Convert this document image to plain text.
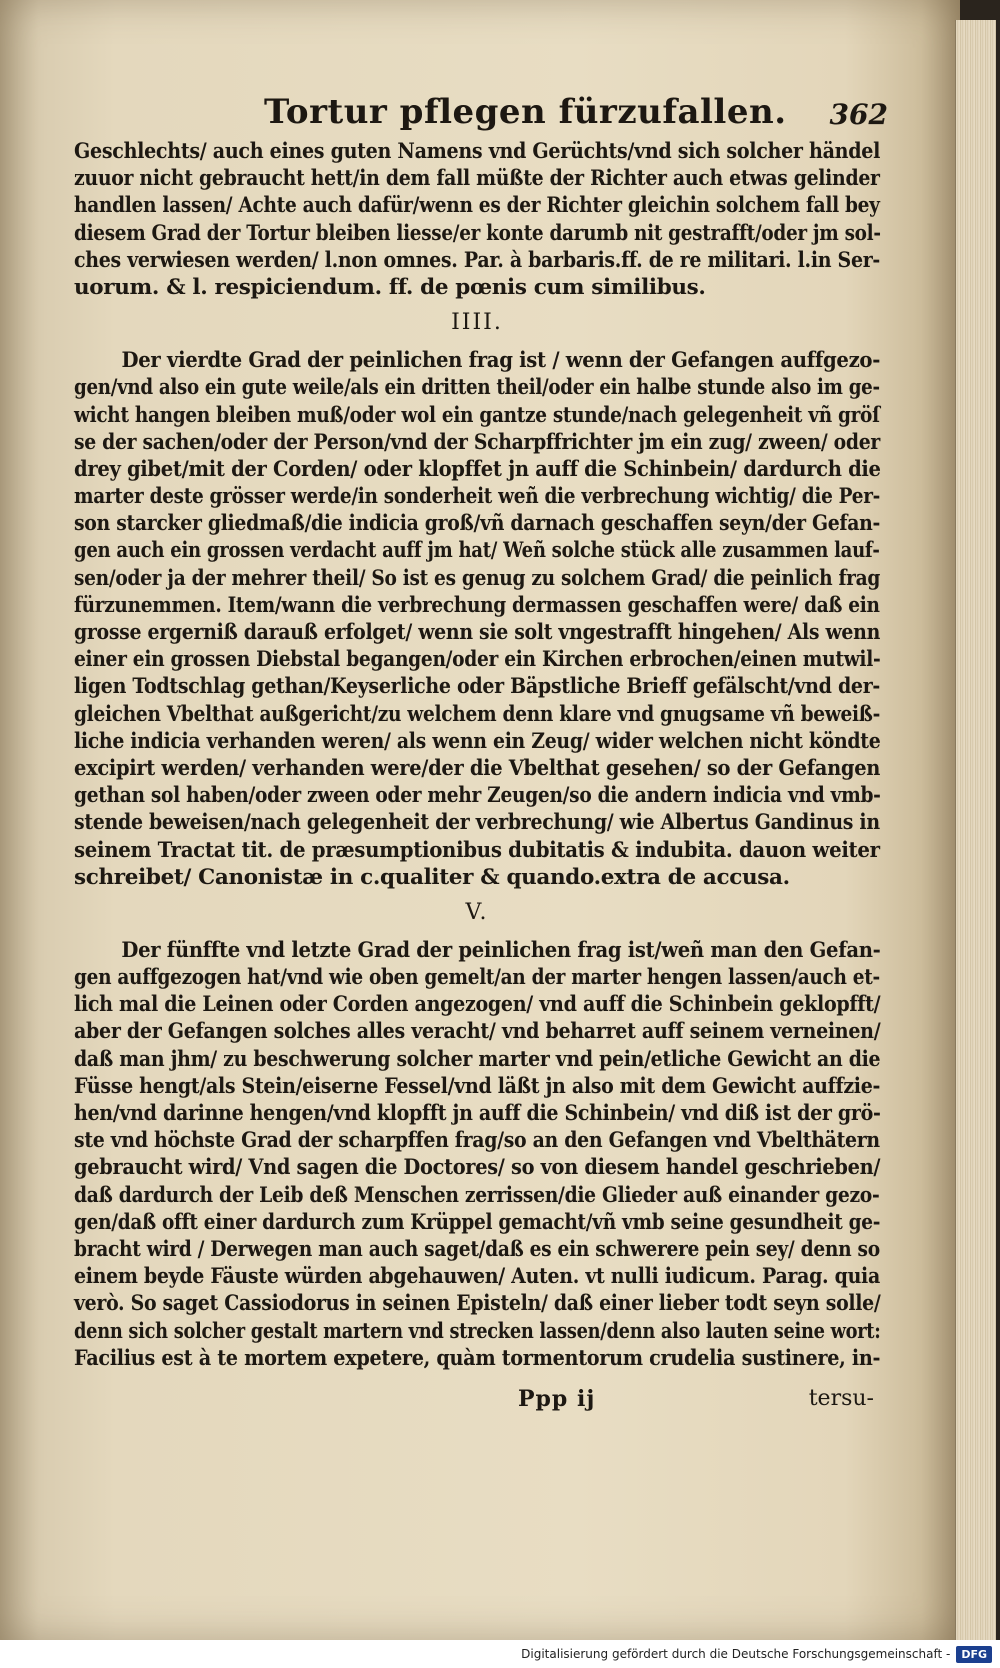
Tortur pflegen fürzufallen. 362
Geschlechts/ auch eines guten Namens vnd Gerüchts/vnd sich solcher händel
zuuor nicht gebraucht hett/in dem fall müßte der Richter auch etwas gelinder
handlen lassen/ Achte auch dafür/wenn es der Richter gleichin solchem fall bey
diesem Grad der Tortur bleiben liesse/er konte darumb nit gestrafft/oder jm sol‑
ches verwiesen werden/ l.non omnes. Par. à barbaris.ff. de re militari. l.in Ser‑
uorum. & l. respiciendum. ff. de pœnis cum similibus.
IIII.
Der vierdte Grad der peinlichen frag ist / wenn der Gefangen auffgezo‑
gen/vnd also ein gute weile/als ein dritten theil/oder ein halbe stunde also im ge‑
wicht hangen bleiben muß/oder wol ein gantze stunde/nach gelegenheit vñ gröſ
se der sachen/oder der Person/vnd der Scharpffrichter jm ein zug/ zween/ oder
drey gibet/mit der Corden/ oder klopffet jn auff die Schinbein/ dardurch die
marter deste grösser werde/in sonderheit weñ die verbrechung wichtig/ die Per‑
son starcker gliedmaß/die indicia groß/vñ darnach geschaffen seyn/der Gefan‑
gen auch ein grossen verdacht auff jm hat/ Weñ solche stück alle zusammen lauf‑
sen/oder ja der mehrer theil/ So ist es genug zu solchem Grad/ die peinlich frag
fürzunemmen. Item/wann die verbrechung dermassen geschaffen were/ daß ein
grosse ergerniß darauß erfolget/ wenn sie solt vngestrafft hingehen/ Als wenn
einer ein grossen Diebstal begangen/oder ein Kirchen erbrochen/einen mutwil‑
ligen Todtschlag gethan/Keyserliche oder Bäpstliche Brieff gefälscht/vnd der‑
gleichen Vbelthat außgericht/zu welchem denn klare vnd gnugsame vñ beweiß‑
liche indicia verhanden weren/ als wenn ein Zeug/ wider welchen nicht köndte
excipirt werden/ verhanden were/der die Vbelthat gesehen/ so der Gefangen
gethan sol haben/oder zween oder mehr Zeugen/so die andern indicia vnd vmb‑
stende beweisen/nach gelegenheit der verbrechung/ wie Albertus Gandinus in
seinem Tractat tit. de præsumptionibus dubitatis & indubita. dauon weiter
schreibet/ Canonistæ in c.qualiter & quando.extra de accusa.
V.
Der fünffte vnd letzte Grad der peinlichen frag ist/weñ man den Gefan‑
gen auffgezogen hat/vnd wie oben gemelt/an der marter hengen lassen/auch et‑
lich mal die Leinen oder Corden angezogen/ vnd auff die Schinbein geklopfft/
aber der Gefangen solches alles veracht/ vnd beharret auff seinem verneinen/
daß man jhm/ zu beschwerung solcher marter vnd pein/etliche Gewicht an die
Füsse hengt/als Stein/eiserne Fessel/vnd läßt jn also mit dem Gewicht auffzie‑
hen/vnd darinne hengen/vnd klopfft jn auff die Schinbein/ vnd diß ist der grö‑
ste vnd höchste Grad der scharpffen frag/so an den Gefangen vnd Vbelthätern
gebraucht wird/ Vnd sagen die Doctores/ so von diesem handel geschrieben/
daß dardurch der Leib deß Menschen zerrissen/die Glieder auß einander gezo‑
gen/daß offt einer dardurch zum Krüppel gemacht/vñ vmb seine gesundheit ge‑
bracht wird / Derwegen man auch saget/daß es ein schwerere pein sey/ denn so
einem beyde Fäuste würden abgehauwen/ Auten. vt nulli iudicum. Parag. quia
verò. So saget Cassiodorus in seinen Episteln/ daß einer lieber todt seyn solle/
denn sich solcher gestalt martern vnd strecken lassen/denn also lauten seine wort:
Facilius est à te mortem expetere, quàm tormentorum crudelia sustinere, in‑
Ppp ij	tersu‑
Digitalisierung gefördert durch die Deutsche Forschungsgemeinschaft -	DFG
